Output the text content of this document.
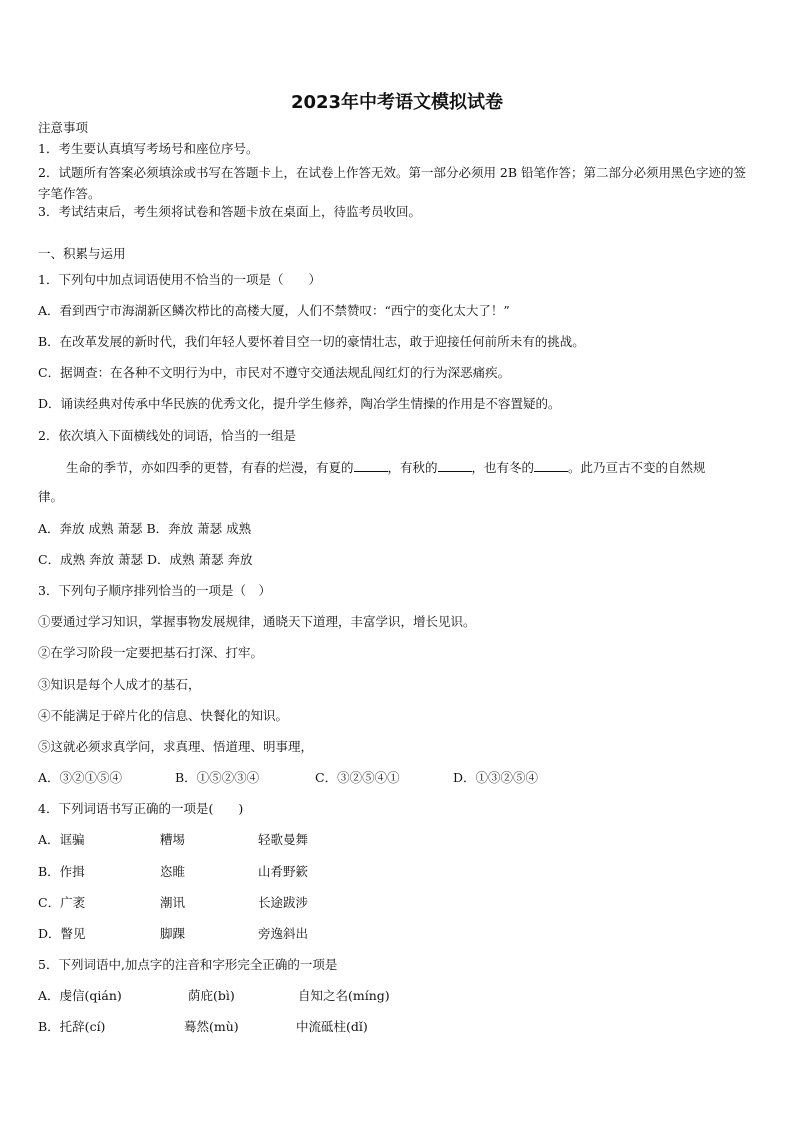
2023年中考语文模拟试卷
注意事项
1．考生要认真填写考场号和座位序号。
2．试题所有答案必须填涂或书写在答题卡上，在试卷上作答无效。第一部分必须用 2B 铅笔作答；第二部分必须用黑色字迹的签字笔作答。
3．考试结束后，考生须将试卷和答题卡放在桌面上，待监考员收回。
一、积累与运用
1．下列句中加点词语使用不恰当的一项是（　　）
A．看到西宁市海湖新区鳞次栉比的高楼大厦，人们不禁赞叹：“西宁的变化太大了！”
B．在改革发展的新时代，我们年轻人要怀着目空一切的豪情壮志，敢于迎接任何前所未有的挑战。
C．据调查：在各种不文明行为中，市民对不遵守交通法规乱闯红灯的行为深恶痛疾。
D．诵读经典对传承中华民族的优秀文化，提升学生修养，陶冶学生情操的作用是不容置疑的。
2．依次填入下面横线处的词语，恰当的一组是
生命的季节，亦如四季的更替，有春的烂漫，有夏的	，有秋的	，也有冬的	。此乃亘古不变的自然规
律。
A．奔放 成熟 萧瑟 B．奔放 萧瑟 成熟
C．成熟 奔放 萧瑟 D．成熟 萧瑟 奔放
3．下列句子顺序排列恰当的一项是（　）
①要通过学习知识，掌握事物发展规律，通晓天下道理，丰富学识，增长见识。
②在学习阶段一定要把基石打深、打牢。
③知识是每个人成才的基石，
④不能满足于碎片化的信息、快餐化的知识。
⑤这就必须求真学问，求真理、悟道理、明事理，
A．③②①⑤④	B．①⑤②③④	C．③②⑤④①	D．①③②⑤④
4．下列词语书写正确的一项是(　　)
A．诓骗	糟埸	轻歌曼舞
B．作揖	恣睢	山肴野簌
C．广袤	潮讯	长途跋涉
D．瞥见	脚踝	旁逸斜出
5．下列词语中,加点字的注音和字形完全正确的一项是
A．虔信(qián)	荫庇(bì)	自知之名(míng)
B．托辞(cí)	蓦然(mù)	中流砥柱(dǐ)
